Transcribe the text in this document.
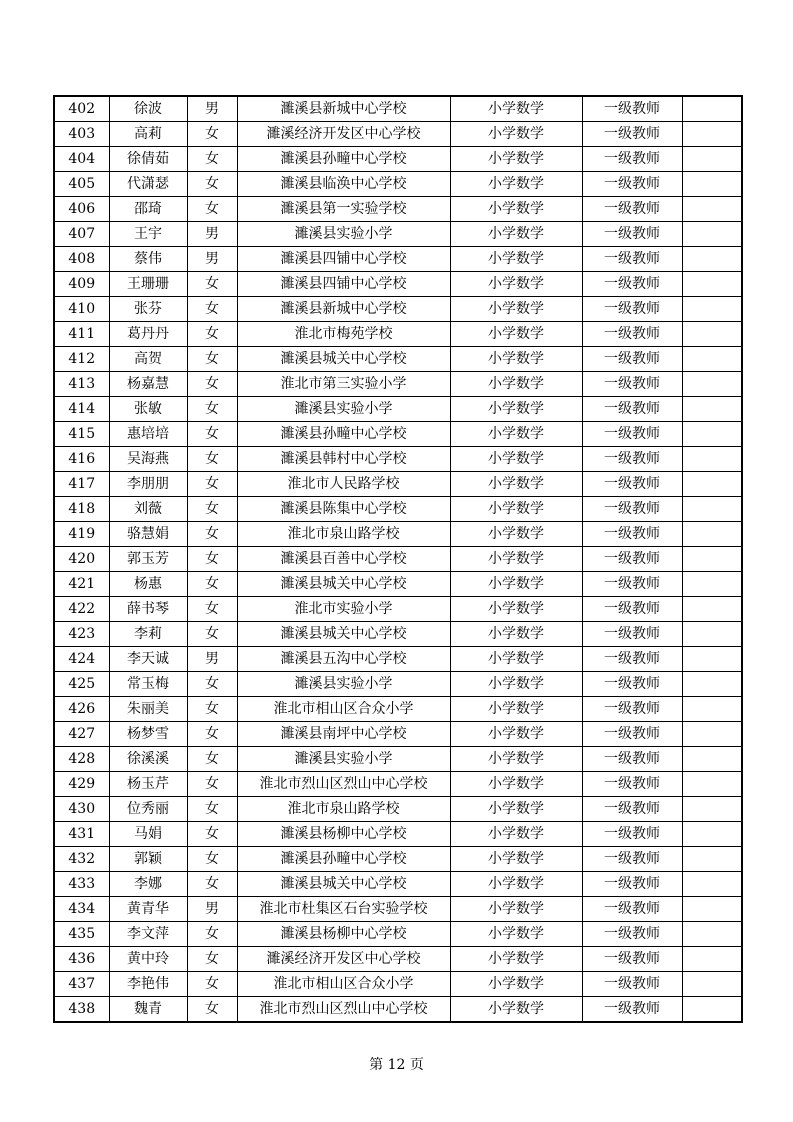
402	徐波	男	濉溪县新城中心学校	小学数学	一级教师	
403	高莉	女	濉溪经济开发区中心学校	小学数学	一级教师	
404	徐倩茹	女	濉溪县孙疃中心学校	小学数学	一级教师	
405	代潇瑟	女	濉溪县临涣中心学校	小学数学	一级教师	
406	邵琦	女	濉溪县第一实验学校	小学数学	一级教师	
407	王宇	男	濉溪县实验小学	小学数学	一级教师	
408	蔡伟	男	濉溪县四铺中心学校	小学数学	一级教师	
409	王珊珊	女	濉溪县四铺中心学校	小学数学	一级教师	
410	张芬	女	濉溪县新城中心学校	小学数学	一级教师	
411	葛丹丹	女	淮北市梅苑学校	小学数学	一级教师	
412	高贺	女	濉溪县城关中心学校	小学数学	一级教师	
413	杨嘉慧	女	淮北市第三实验小学	小学数学	一级教师	
414	张敏	女	濉溪县实验小学	小学数学	一级教师	
415	惠培培	女	濉溪县孙疃中心学校	小学数学	一级教师	
416	吴海燕	女	濉溪县韩村中心学校	小学数学	一级教师	
417	李朋朋	女	淮北市人民路学校	小学数学	一级教师	
418	刘薇	女	濉溪县陈集中心学校	小学数学	一级教师	
419	骆慧娟	女	淮北市泉山路学校	小学数学	一级教师	
420	郭玉芳	女	濉溪县百善中心学校	小学数学	一级教师	
421	杨惠	女	濉溪县城关中心学校	小学数学	一级教师	
422	薛书琴	女	淮北市实验小学	小学数学	一级教师	
423	李莉	女	濉溪县城关中心学校	小学数学	一级教师	
424	李天诚	男	濉溪县五沟中心学校	小学数学	一级教师	
425	常玉梅	女	濉溪县实验小学	小学数学	一级教师	
426	朱丽美	女	淮北市相山区合众小学	小学数学	一级教师	
427	杨梦雪	女	濉溪县南坪中心学校	小学数学	一级教师	
428	徐溪溪	女	濉溪县实验小学	小学数学	一级教师	
429	杨玉芹	女	淮北市烈山区烈山中心学校	小学数学	一级教师	
430	位秀丽	女	淮北市泉山路学校	小学数学	一级教师	
431	马娟	女	濉溪县杨柳中心学校	小学数学	一级教师	
432	郭颖	女	濉溪县孙疃中心学校	小学数学	一级教师	
433	李娜	女	濉溪县城关中心学校	小学数学	一级教师	
434	黄青华	男	淮北市杜集区石台实验学校	小学数学	一级教师	
435	李文萍	女	濉溪县杨柳中心学校	小学数学	一级教师	
436	黄中玲	女	濉溪经济开发区中心学校	小学数学	一级教师	
437	李艳伟	女	淮北市相山区合众小学	小学数学	一级教师	
438	魏青	女	淮北市烈山区烈山中心学校	小学数学	一级教师	
第 12 页
